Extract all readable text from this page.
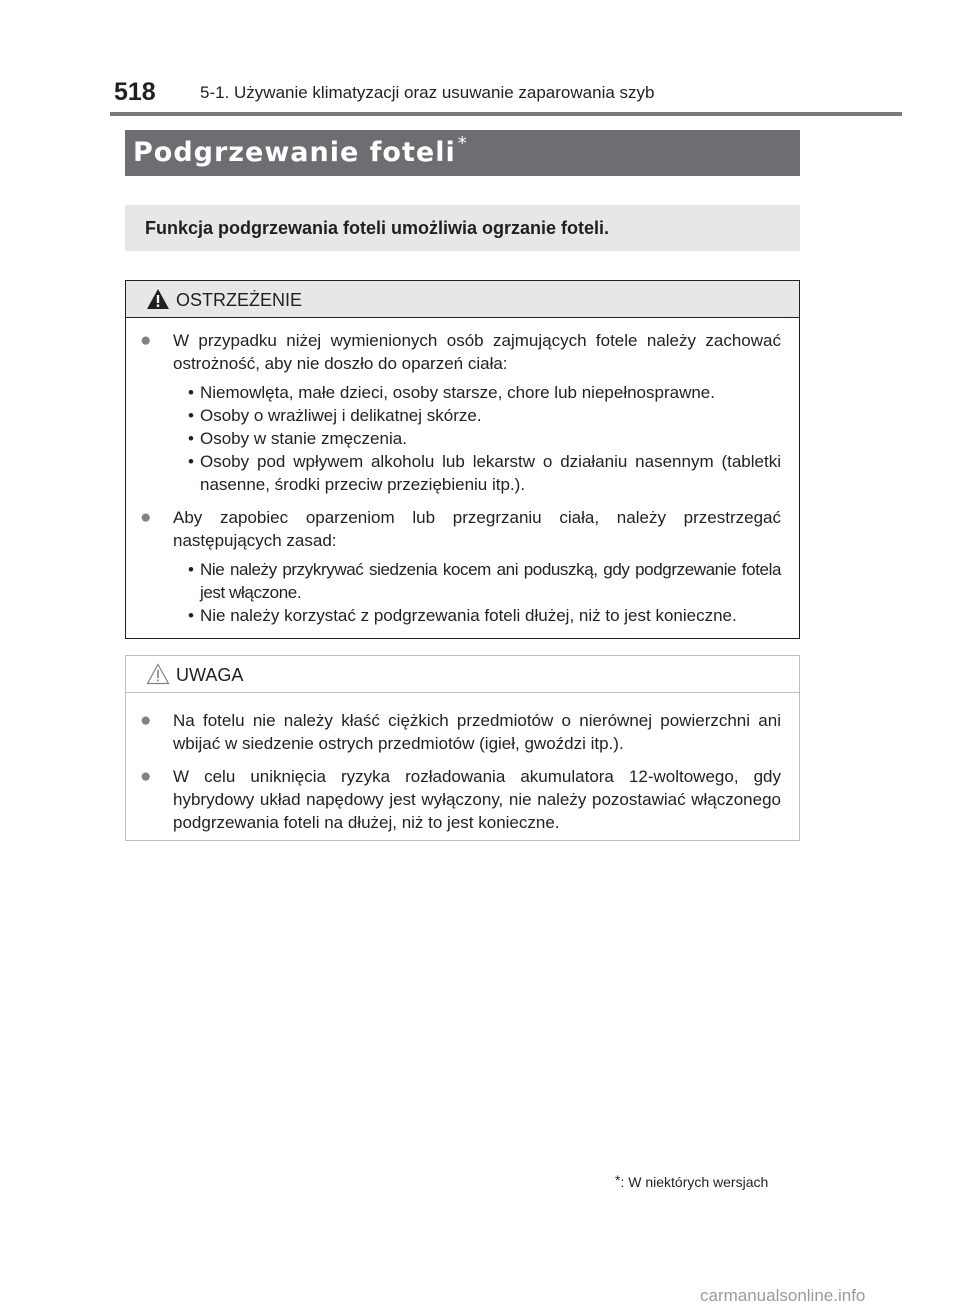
518	5-1. Używanie klimatyzacji oraz usuwanie zaparowania szyb
Podgrzewanie foteli *
Funkcja podgrzewania foteli umożliwia ogrzanie foteli.
OSTRZEŻENIE
● W przypadku niżej wymienionych osób zajmujących fotele należy zachować ostrożność, aby nie doszło do oparzeń ciała:
• Niemowlęta, małe dzieci, osoby starsze, chore lub niepełnosprawne.
• Osoby o wrażliwej i delikatnej skórze.
• Osoby w stanie zmęczenia.
• Osoby pod wpływem alkoholu lub lekarstw o działaniu nasennym (tabletki nasenne, środki przeciw przeziębieniu itp.).
● Aby zapobiec oparzeniom lub przegrzaniu ciała, należy przestrzegać następujących zasad:
• Nie należy przykrywać siedzenia kocem ani poduszką, gdy podgrzewanie fotela jest włączone.
• Nie należy korzystać z podgrzewania foteli dłużej, niż to jest konieczne.
UWAGA
● Na fotelu nie należy kłaść ciężkich przedmiotów o nierównej powierzchni ani wbijać w siedzenie ostrych przedmiotów (igieł, gwoździ itp.).
● W celu uniknięcia ryzyka rozładowania akumulatora 12-woltowego, gdy hybrydowy układ napędowy jest wyłączony, nie należy pozostawiać włączonego podgrzewania foteli na dłużej, niż to jest konieczne.
*: W niektórych wersjach
carmanualsonline.info
